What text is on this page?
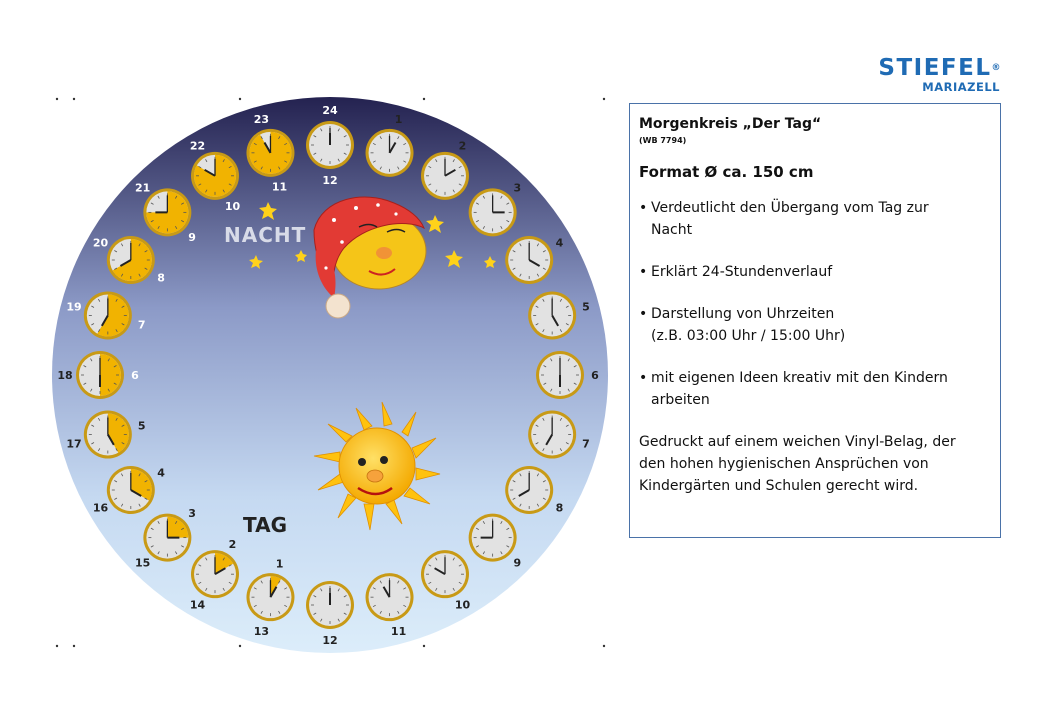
STIEFEL®
MARIAZELL
24
12
1
2
3
4
5
6
7
8
9
10
11
12
13
1
14
2
15
3
16
4
17
5
18	6
19
7
20
8
21
9
22
10
23
11
NACHT
TAG

Morgenkreis „Der Tag“

(WB 7794)

Format Ø ca. 150 cm

• Verdeutlicht den Übergang vom Tag zur
Nacht
• Erklärt 24-Stundenverlauf
• Darstellung von Uhrzeiten
(z.B. 03:00 Uhr / 15:00 Uhr)
• mit eigenen Ideen kreativ mit den Kindern
arbeiten
Gedruckt auf einem weichen Vinyl-Belag, der
den hohen hygienischen Ansprüchen von
Kindergärten und Schulen gerecht wird.
